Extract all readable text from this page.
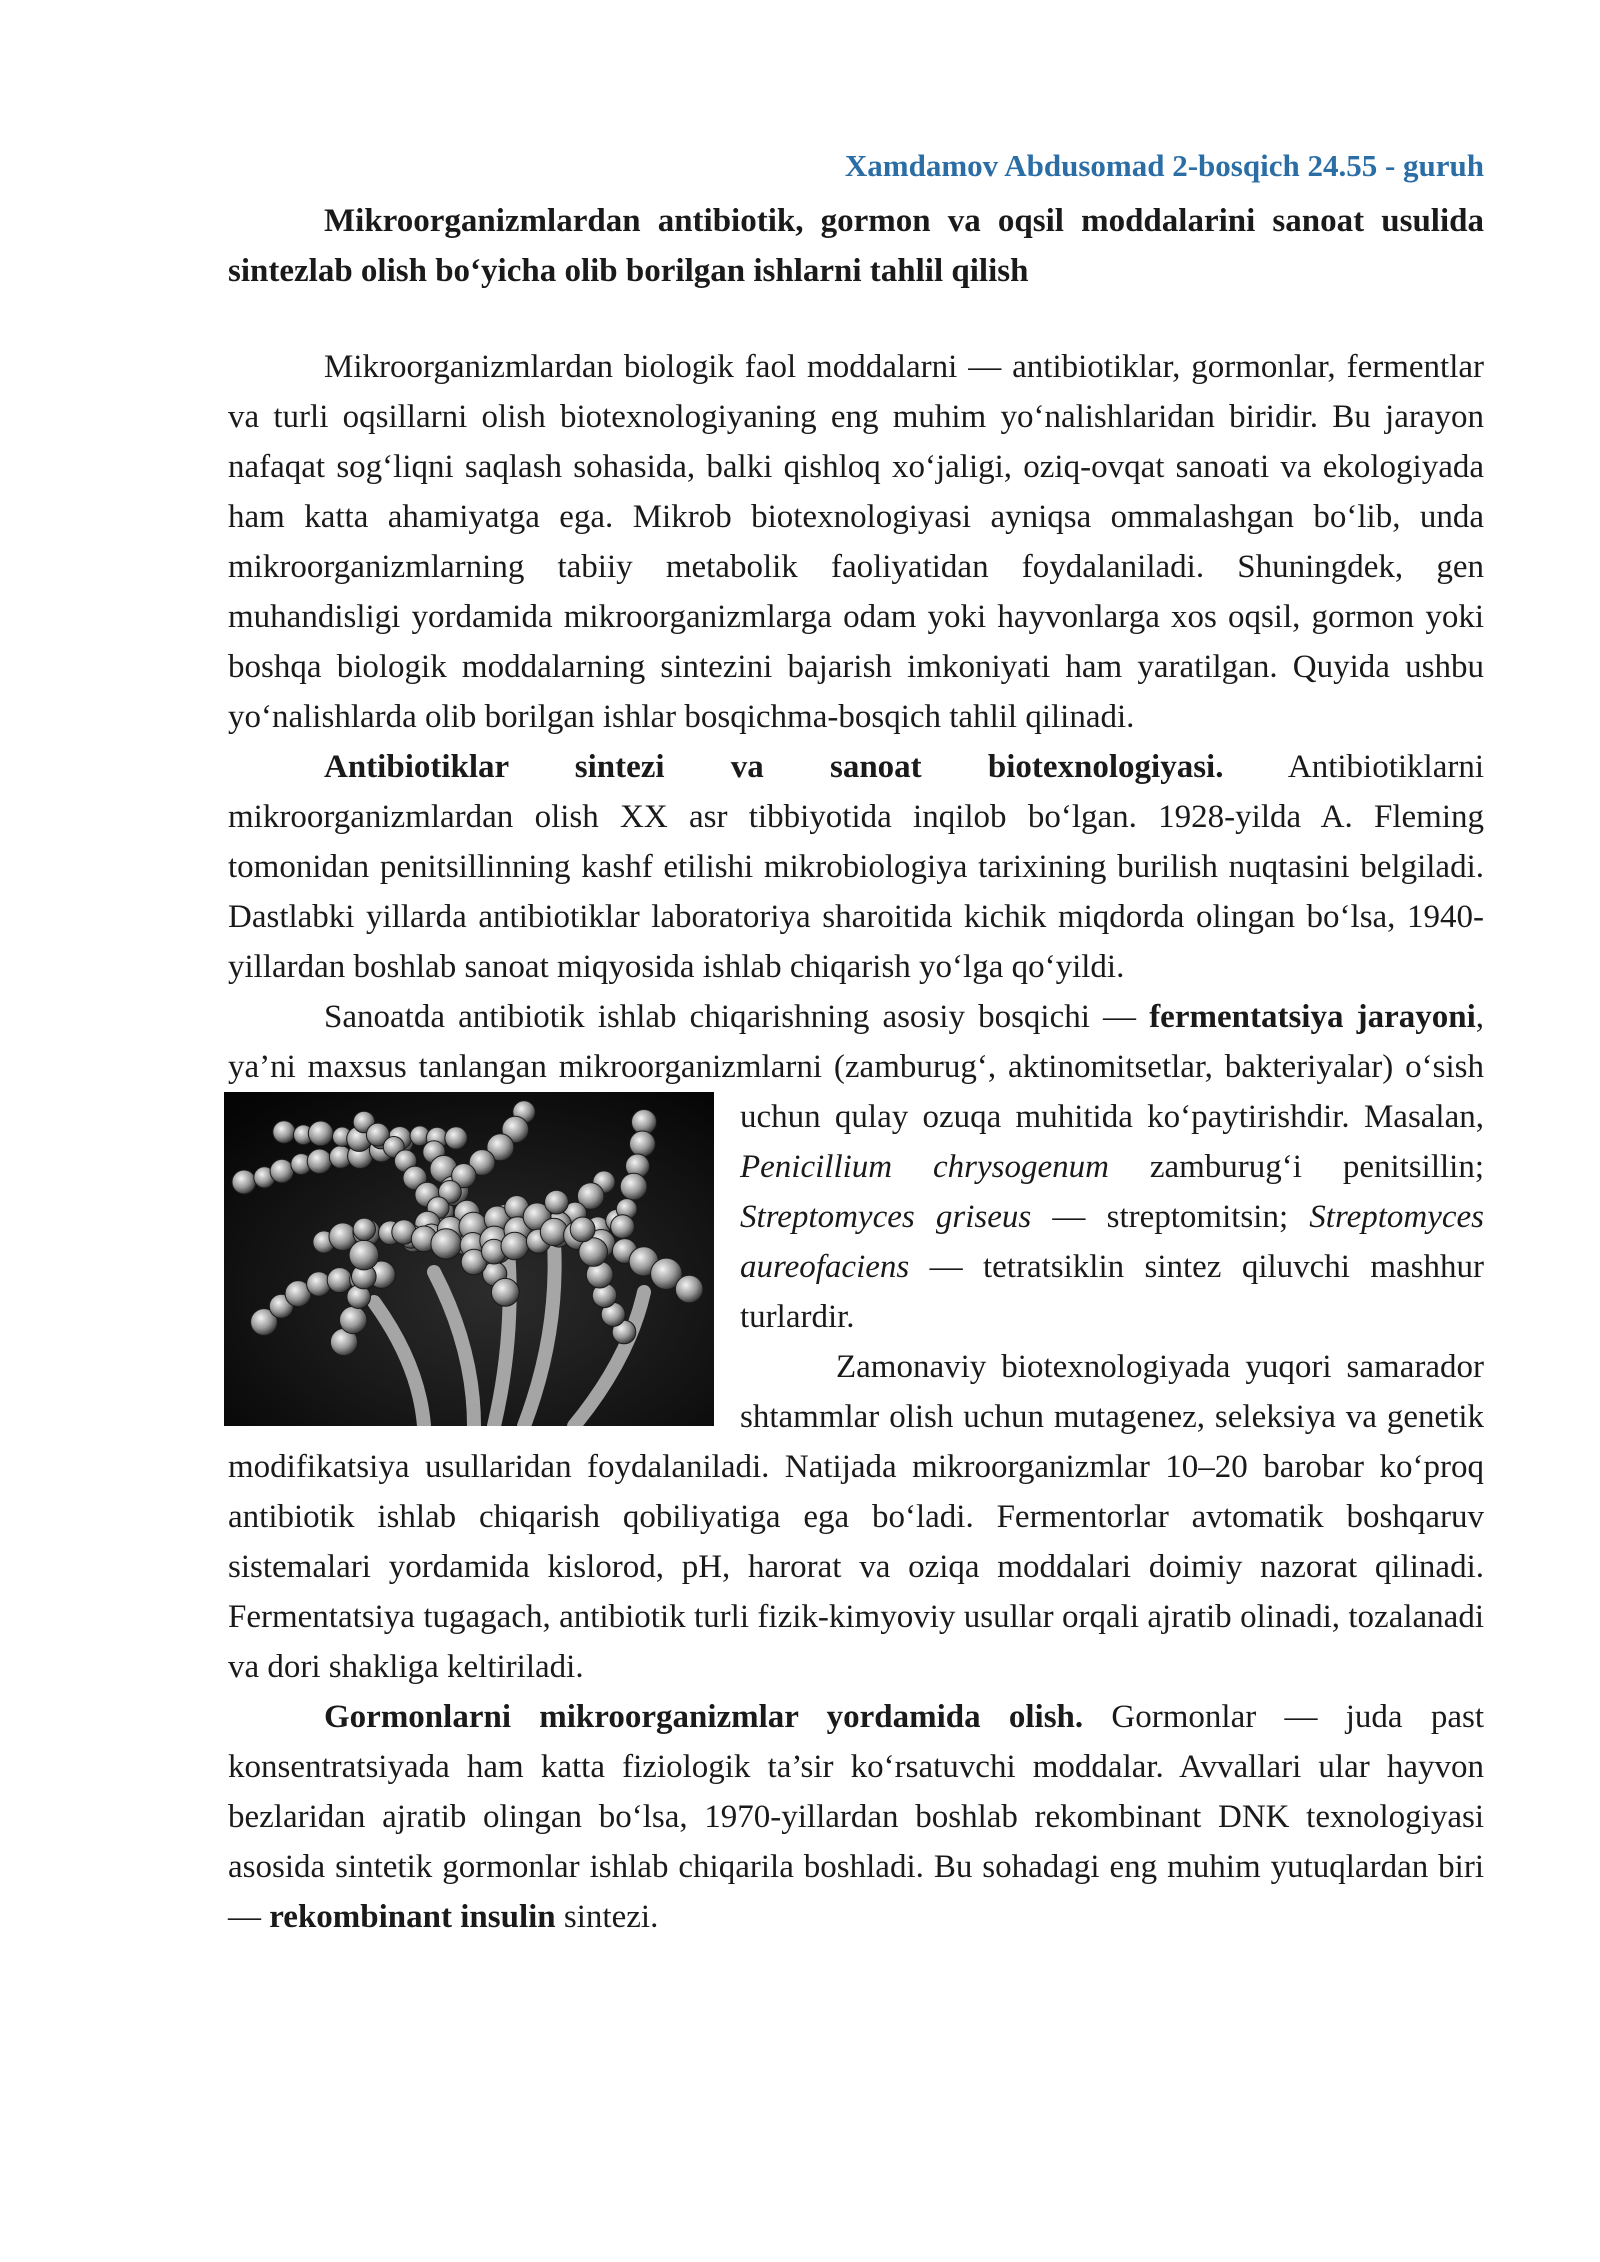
Xamdamov Abdusomad 2-bosqich 24.55 - guruh

Mikroorganizmlardan antibiotik, gormon va oqsil moddalarini sanoat usulida sintezlab olish bo‘yicha olib borilgan ishlarni tahlil qilish

Mikroorganizmlardan biologik faol moddalarni — antibiotiklar, gormonlar, fermentlar va turli oqsillarni olish biotexnologiyaning eng muhim yo‘nalishlaridan biridir. Bu jarayon nafaqat sog‘liqni saqlash sohasida, balki qishloq xo‘jaligi, oziq-ovqat sanoati va ekologiyada ham katta ahamiyatga ega. Mikrob biotexnologiyasi ayniqsa ommalashgan bo‘lib, unda mikroorganizmlarning tabiiy metabolik faoliyatidan foydalaniladi. Shuningdek, gen muhandisligi yordamida mikroorganizmlarga odam yoki hayvonlarga xos oqsil, gormon yoki boshqa biologik moddalarning sintezini bajarish imkoniyati ham yaratilgan. Quyida ushbu yo‘nalishlarda olib borilgan ishlar bosqichma-bosqich tahlil qilinadi.

Antibiotiklar sintezi va sanoat biotexnologiyasi. Antibiotiklarni mikroorganizmlardan olish XX asr tibbiyotida inqilob bo‘lgan. 1928-yilda A. Fleming tomonidan penitsillinning kashf etilishi mikrobiologiya tarixining burilish nuqtasini belgiladi. Dastlabki yillarda antibiotiklar laboratoriya sharoitida kichik miqdorda olingan bo‘lsa, 1940-yillardan boshlab sanoat miqyosida ishlab chiqarish yo‘lga qo‘yildi.

Sanoatda antibiotik ishlab chiqarishning asosiy bosqichi — fermentatsiya jarayoni, ya’ni maxsus tanlangan mikroorganizmlarni (zamburug‘, aktinomitsetlar, bakteriyalar) o‘sish uchun qulay ozuqa muhitida ko‘paytirishdir. Masalan,
Penicillium chrysogenum zamburug‘i penitsillin; Streptomyces griseus — streptomitsin; Streptomyces aureofaciens — tetratsiklin sintez qiluvchi mashhur turlardir.

Zamonaviy biotexnologiyada yuqori samarador shtammlar olish uchun mutagenez, seleksiya va genetik modifikatsiya usullaridan foydalaniladi. Natijada mikroorganizmlar 10–20 barobar ko‘proq antibiotik ishlab chiqarish qobiliyatiga ega bo‘ladi. Fermentorlar avtomatik boshqaruv sistemalari yordamida kislorod, pH, harorat va oziqa moddalari doimiy nazorat qilinadi. Fermentatsiya tugagach, antibiotik turli fizik-kimyoviy usullar orqali ajratib olinadi, tozalanadi va dori shakliga keltiriladi.

Gormonlarni mikroorganizmlar yordamida olish. Gormonlar — juda past konsentratsiyada ham katta fiziologik ta’sir ko‘rsatuvchi moddalar. Avvallari ular hayvon bezlaridan ajratib olingan bo‘lsa, 1970-yillardan boshlab rekombinant DNK texnologiyasi asosida sintetik gormonlar ishlab chiqarila boshladi. Bu sohadagi eng muhim yutuqlardan biri — rekombinant insulin sintezi.
